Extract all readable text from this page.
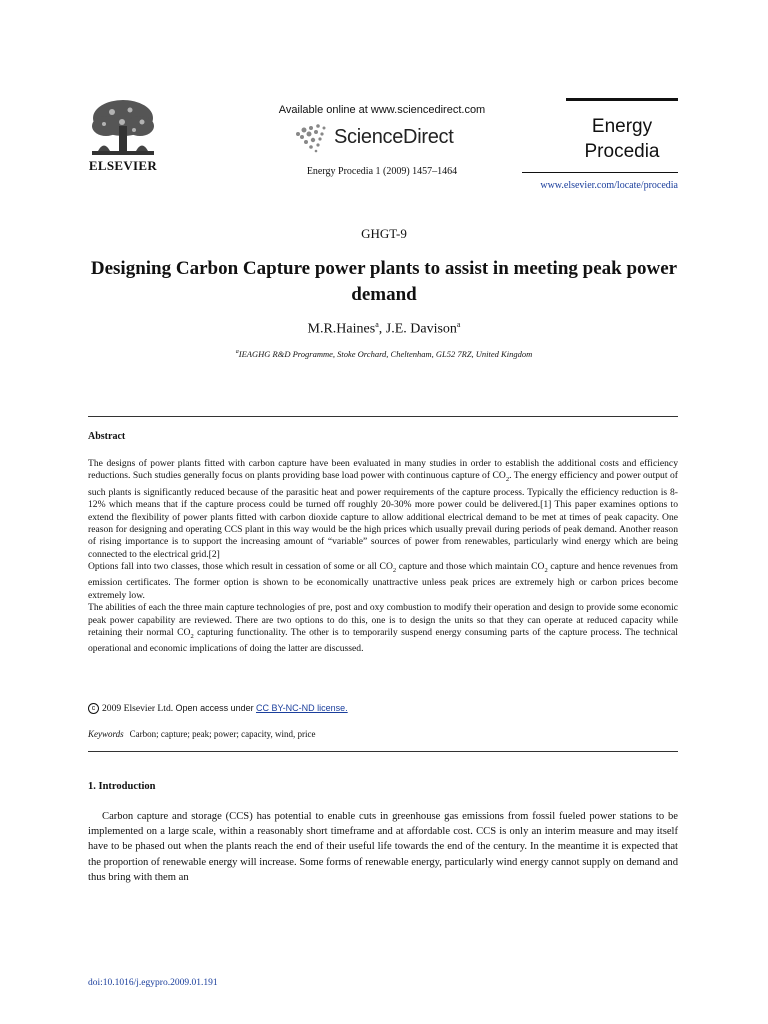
ELSEVIER
Available online at www.sciencedirect.com
ScienceDirect
Energy Procedia 1 (2009) 1457–1464
Energy
Procedia
www.elsevier.com/locate/procedia
GHGT-9
Designing Carbon Capture power plants to assist in meeting peak power demand
M.R.Haines$^a$, J.E. Davison$^a$
$^a$IEAGHG R&D Programme, Stoke Orchard, Cheltenham, GL52 7RZ, United Kingdom
Abstract

The designs of power plants fitted with carbon capture have been evaluated in many studies in order to establish the additional costs and efficiency reductions. Such studies generally focus on plants providing base load power with continuous capture of $CO_2$. The energy efficiency and power output of such plants is significantly reduced because of the parasitic heat and power requirements of the capture process. Typically the efficiency reduction is 8-12% which means that if the capture process could be turned off roughly 20-30% more power could be delivered.[1] This paper examines options to extend the flexibility of power plants fitted with carbon dioxide capture to allow additional electrical demand to be met at times of peak capacity. One reason for designing and operating CCS plant in this way would be the high prices which usually prevail during periods of peak demand. Another reason of rising importance is to support the increasing amount of “variable” sources of power from renewables, particularly wind energy which are being connected to the electrical grid.[2]

Options fall into two classes, those which result in cessation of some or all $CO_2$ capture and those which maintain $CO_2$ capture and hence revenues from emission certificates. The former option is shown to be economically unattractive unless peak prices are extremely high or carbon prices become extremely low.

The abilities of each the three main capture technologies of pre, post and oxy combustion to modify their operation and design to provide some economic peak power capability are reviewed. There are two options to do this, one is to design the units so that they can operate at reduced capacity while retaining their normal $CO_2$ capturing functionality. The other is to temporarily suspend energy consuming parts of the capture process. The technical operational and economic implications of doing the latter are discussed.

c 2009 Elsevier Ltd. Open access under CC BY-NC-ND license.
Keywords Carbon; capture; peak; power; capacity, wind, price
1. Introduction

Carbon capture and storage (CCS) has potential to enable cuts in greenhouse gas emissions from fossil fueled power stations to be implemented on a large scale, within a reasonably short timeframe and at affordable cost. CCS is only an interim measure and may itself have to be phased out when the plants reach the end of their useful life towards the end of the century. In the meantime it is expected that the proportion of renewable energy will increase. Some forms of renewable energy, particularly wind energy cannot supply on demand and thus bring with them an

doi:10.1016/j.egypro.2009.01.191
